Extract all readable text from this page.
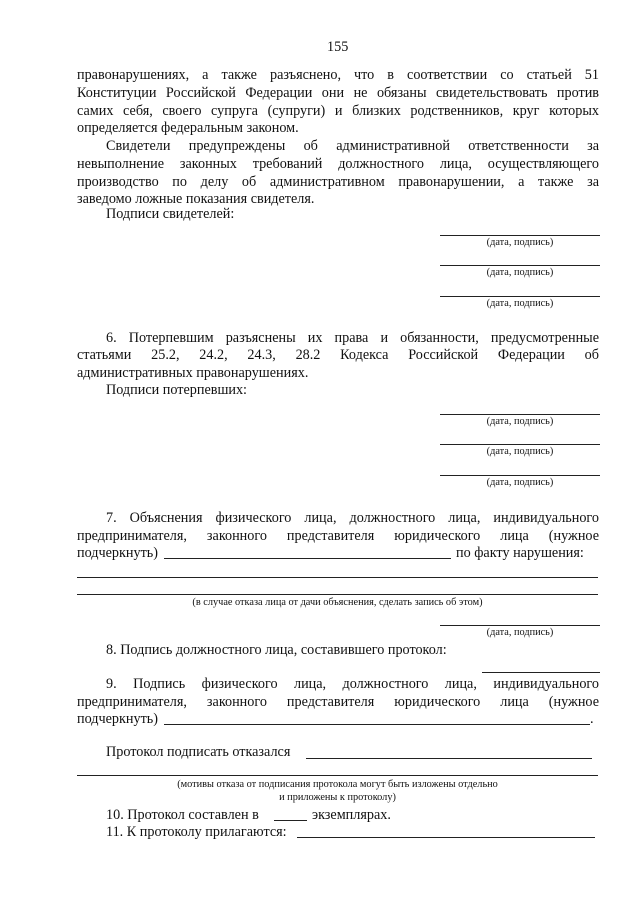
155
правонарушениях, а также разъяснено, что в соответствии со статьей 51
Конституции Российской Федерации они не обязаны свидетельствовать против
самих себя, своего супруга (супруги) и близких родственников, круг которых
определяется федеральным законом.
Свидетели предупреждены об административной ответственности за
невыполнение законных требований должностного лица, осуществляющего
производство по делу об административном правонарушении, а также за
заведомо ложные показания свидетеля.
Подписи свидетелей:
(дата, подпись)
(дата, подпись)
(дата, подпись)
6. Потерпевшим разъяснены их права и обязанности, предусмотренные
статьями 25.2, 24.2, 24.3, 28.2 Кодекса Российской Федерации об
административных правонарушениях.
Подписи потерпевших:
(дата, подпись)
(дата, подпись)
(дата, подпись)
7. Объяснения физического лица, должностного лица, индивидуального
предпринимателя, законного представителя юридического лица (нужное
подчеркнуть)	по факту нарушения:
(в случае отказа лица от дачи объяснения, сделать запись об этом)
(дата, подпись)
8. Подпись должностного лица, составившего протокол:
9. Подпись физического лица, должностного лица, индивидуального
предпринимателя, законного представителя юридического лица (нужное
подчеркнуть)	.
Протокол подписать отказался
(мотивы отказа от подписания протокола могут быть изложены отдельно
и приложены к протоколу)
10. Протокол составлен в	экземплярах.
11. К протоколу прилагаются:
